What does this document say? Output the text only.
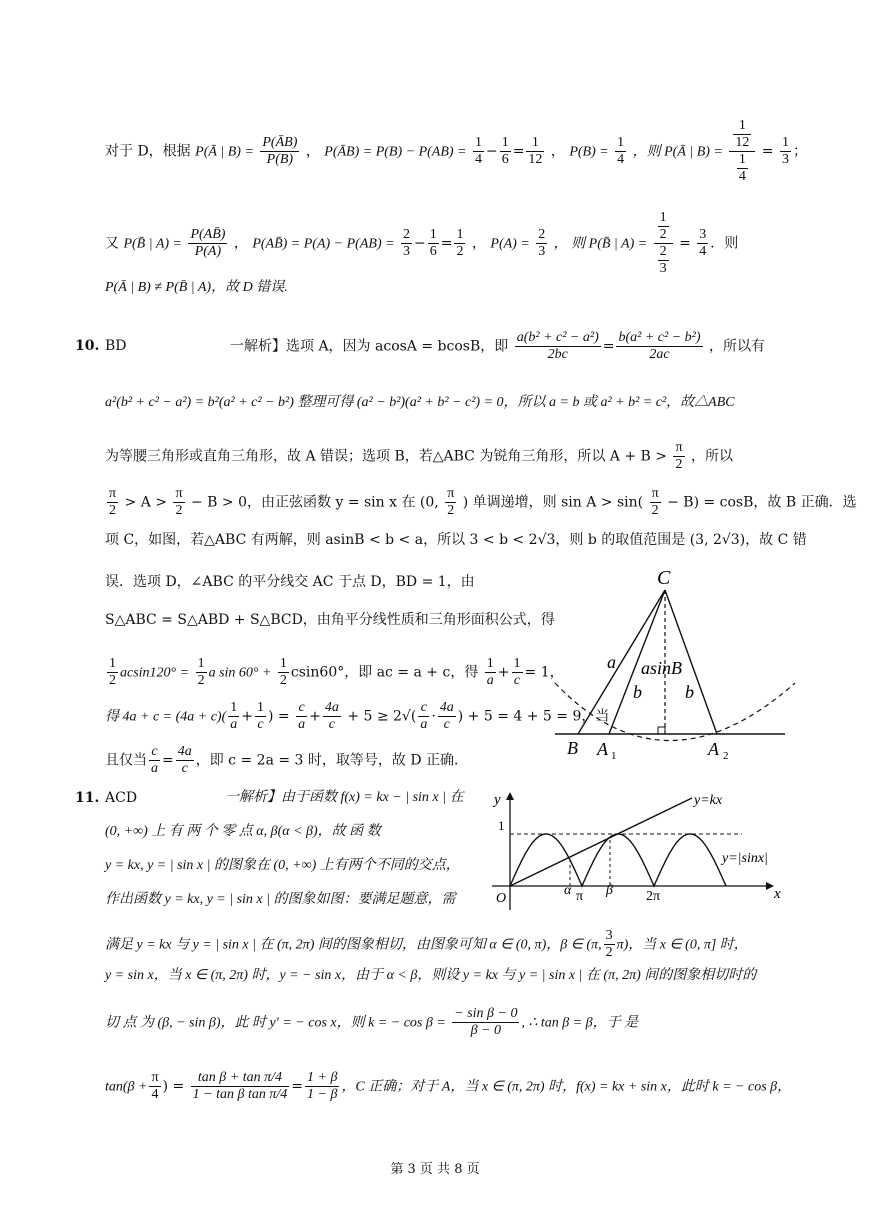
对于 D，根据 P(Ā | $B) = \frac{P(ĀB)}{P(B)}$ ， P(ĀB) = $P(B) - P(AB) = \frac{1}{4} - \frac{1}{6} = \frac{1}{12}$ ， $P(B) = \frac{1}{4}$ ，则 P(Ā | $B) = \frac{\frac{1}{12}}{\frac{1}{4}} = \frac{1}{3}$ ；
又 P(B̄ | $A) = \frac{P(AB̄)}{P(A)}$ ， P(AB̄) = $P(A) - P(AB) = \frac{2}{3} - \frac{1}{6} = \frac{1}{2}$ ， $P(A) = \frac{2}{3}$ ， 则 P(B̄ | $A) = \frac{\frac{1}{2}}{\frac{2}{3}} = \frac{3}{4}$ ．则
P(Ā | B) ≠ P(B̄ | A)，故 D 错误.
10. BD	一解析】选项 A，因为 acosA = bcosB，即 $\frac{\text{a(b² + c² − a²)}}{2bc} = \frac{\text{b(a² + c² − b²)}}{2ac}$ ，所以有
a²(b² + c² − a²) = b²(a² + c² − b²) 整理可得 (a² − b²)(a² + b² − c²) = 0，所以 a = b 或 a² + b² = c²，故△ABC
为等腰三角形或直角三角形，故 A 错误；选项 B，若△ABC 为锐角三角形，所以 $A + B > \frac{\pi}{2}$ ，所以
$\frac{\pi}{2} > A > \frac{\pi}{2} - B > 0$，由正弦函数 y = sin x 在 (0, $\frac{\pi}{2}$ ) 单调递增，则 $\sin A > \sin( \frac{\pi}{2} - B) = \cos B$，故 B 正确．选
项 C，如图，若△ABC 有两解，则 asinB < b < a，所以 3 < b < 2√3，则 b 的取值范围是 (3, 2√3)，故 C 错
误．选项 D，∠ABC 的平分线交 AC 于点 D，BD = 1，由
S△ABC = S△ABD + S△BCD，由角平分线性质和三角形面积公式，得
$\frac{1}{2} acsin120^\circ = \frac{1}{2}$ a $\sin 60^\circ + \frac{1}{2} csin60^\circ$，即 ac = a + c，得 $\frac{1}{a} + \frac{1}{c} = 1$，
得 $4a + c = (4a + c)( \frac{1}{a} + \frac{1}{c}$ ) = $\frac{c}{a} + \frac{4a}{c} + 5 \ge 2√( \frac{c}{a} \cdot \frac{4a}{c}$ ) + 5 = 4 + 5 = 9，当
且仅当 $\frac{c}{a} = \frac{4a}{c}$ ，即 c = 2a = 3 时，取等号，故 D 正确.
C
a asinB
b b
B A 1	A 2
11. ACD	一解析】由于函数 f(x) = kx − | sin x | 在
(0, +∞) 上 有 两 个 零 点 α, β(α < β)，故 函 数
y = kx, y = | sin x | 的图象在 (0, +∞) 上有两个不同的交点，
作出函数 y = kx, y = | sin x | 的图象如图：要满足题意，需
y
x
y=kx
y=|sinx|
1
O
α π β 2π
满足 y = kx 与 y = | sin x | 在 (π, 2π) 间的图象相切，由图象可知 α ∈ (0, π)，β ∈ (π, $\frac{3}{2} \pi$)，当 x ∈ (0, π] 时，
y = sin x，当 x ∈ (π, 2π) 时，y = − sin x，由于 α < β，则设 y = kx 与 y = | sin x | 在 (π, 2π) 间的图象相切时的
切 点 为 (β, − sin β)，此 时 y′ = − cos x，则 k = − $\cos \beta = \frac{\text{− sin β − 0}}{\beta - 0}$ , ∴ tan β = β，于 是
$\tan(\beta + \frac{\pi}{4}$ ) = $\frac{\text{tan β + tan π/4}}{\text{1 − tan β tan π/4}} = \frac{1 + \beta}{1 - \beta}$ ，C 正确；对于 A，当 x ∈ (π, 2π) 时，f(x) = kx + sin x，此时 k = − cos β，
第 3 页 共 8 页
